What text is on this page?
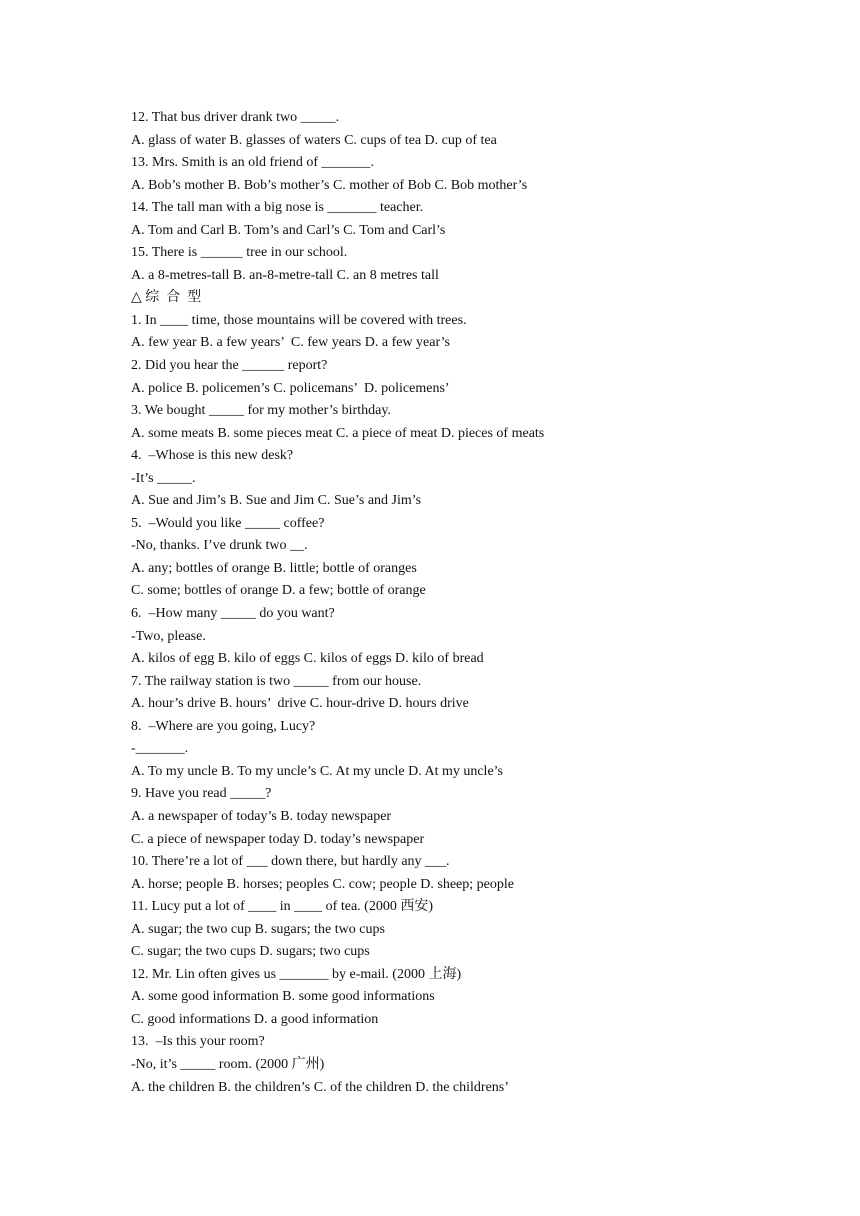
12. That bus driver drank two _____.
A. glass of water B. glasses of waters C. cups of tea D. cup of tea
13. Mrs. Smith is an old friend of _______.
A. Bob’s mother B. Bob’s mother’s C. mother of Bob C. Bob mother’s
14. The tall man with a big nose is _______ teacher.
A. Tom and Carl B. Tom’s and Carl’s C. Tom and Carl’s
15. There is ______ tree in our school.
A. a 8-metres-tall B. an-8-metre-tall C. an 8 metres tall
△ 综  合  型
1. In ____ time, those mountains will be covered with trees.
A. few year B. a few years’  C. few years D. a few year’s
2. Did you hear the ______ report?
A. police B. policemen’s C. policemans’  D. policemens’
3. We bought _____ for my mother’s birthday.
A. some meats B. some pieces meat C. a piece of meat D. pieces of meats
4.  –Whose is this new desk?
-It’s _____.
A. Sue and Jim’s B. Sue and Jim C. Sue’s and Jim’s
5.  –Would you like _____ coffee?
-No, thanks. I’ve drunk two __.
A. any; bottles of orange B. little; bottle of oranges
C. some; bottles of orange D. a few; bottle of orange
6.  –How many _____ do you want?
-Two, please.
A. kilos of egg B. kilo of eggs C. kilos of eggs D. kilo of bread
7. The railway station is two _____ from our house.
A. hour’s drive B. hours’  drive C. hour-drive D. hours drive
8.  –Where are you going, Lucy?
-_______.
A. To my uncle B. To my uncle’s C. At my uncle D. At my uncle’s
9. Have you read _____?
A. a newspaper of today’s B. today newspaper
C. a piece of newspaper today D. today’s newspaper
10. There’re a lot of ___ down there, but hardly any ___.
A. horse; people B. horses; peoples C. cow; people D. sheep; people
11. Lucy put a lot of ____ in ____ of tea. (2000 西安)
A. sugar; the two cup B. sugars; the two cups
C. sugar; the two cups D. sugars; two cups
12. Mr. Lin often gives us _______ by e-mail. (2000 上海)
A. some good information B. some good informations
C. good informations D. a good information
13.  –Is this your room?
-No, it’s _____ room. (2000 广州)
A. the children B. the children’s C. of the children D. the childrens’
